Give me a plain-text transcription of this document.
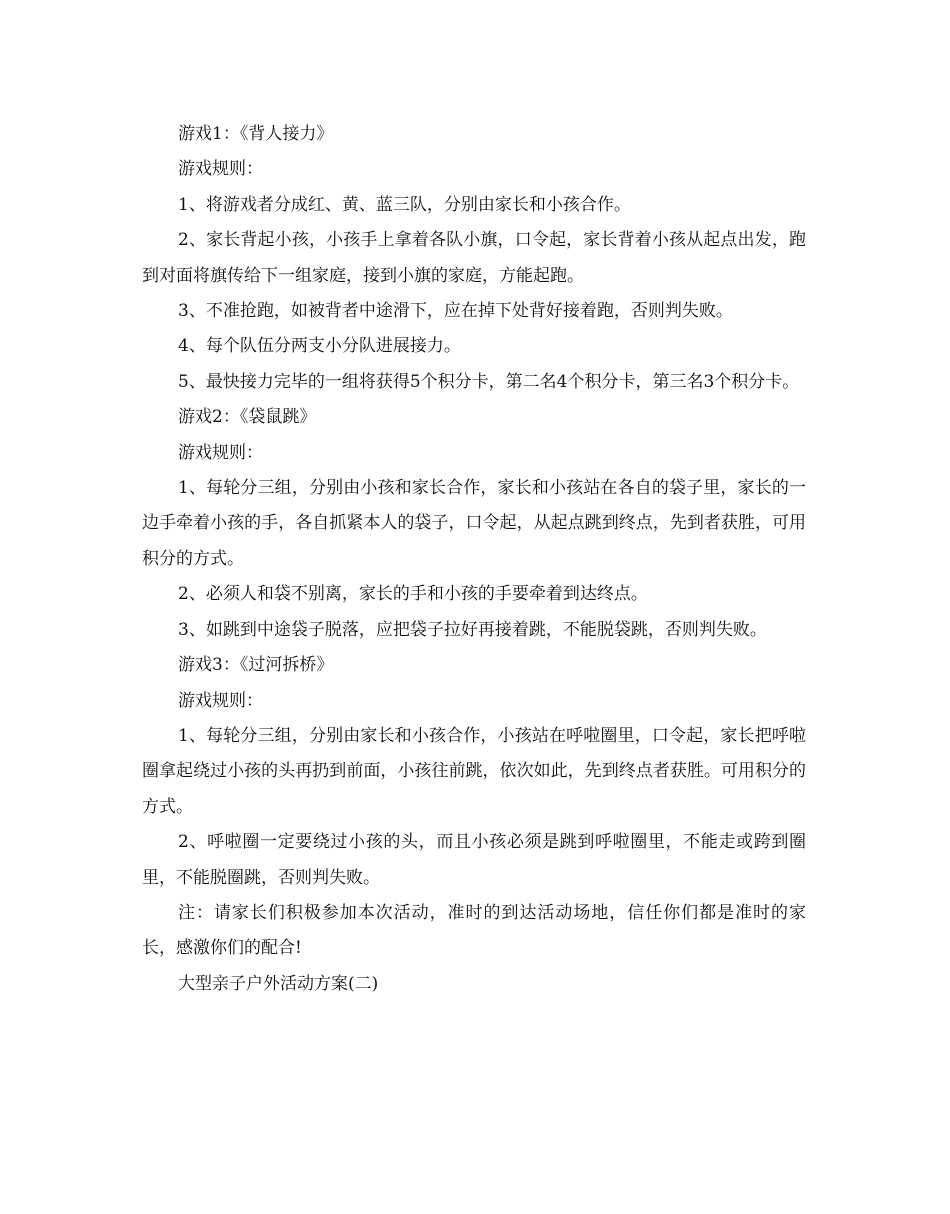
游戏1：《背人接力》

游戏规则：

1、将游戏者分成红、黄、蓝三队，分别由家长和小孩合作。

2、家长背起小孩，小孩手上拿着各队小旗，口令起，家长背着小孩从起点出发，跑到对面将旗传给下一组家庭，接到小旗的家庭，方能起跑。

3、不准抢跑，如被背者中途滑下，应在掉下处背好接着跑，否则判失败。

4、每个队伍分两支小分队进展接力。

5、最快接力完毕的一组将获得5个积分卡，第二名4个积分卡，第三名3个积分卡。

游戏2：《袋鼠跳》

游戏规则：

1、每轮分三组，分别由小孩和家长合作，家长和小孩站在各自的袋子里，家长的一边手牵着小孩的手，各自抓紧本人的袋子，口令起，从起点跳到终点，先到者获胜，可用积分的方式。

2、必须人和袋不别离，家长的手和小孩的手要牵着到达终点。

3、如跳到中途袋子脱落，应把袋子拉好再接着跳，不能脱袋跳，否则判失败。

游戏3：《过河拆桥》

游戏规则：

1、每轮分三组，分别由家长和小孩合作，小孩站在呼啦圈里，口令起，家长把呼啦圈拿起绕过小孩的头再扔到前面，小孩往前跳，依次如此，先到终点者获胜。可用积分的方式。

2、呼啦圈一定要绕过小孩的头，而且小孩必须是跳到呼啦圈里，不能走或跨到圈里，不能脱圈跳，否则判失败。

注：请家长们积极参加本次活动，准时的到达活动场地，信任你们都是准时的家长，感激你们的配合!

大型亲子户外活动方案(二)
